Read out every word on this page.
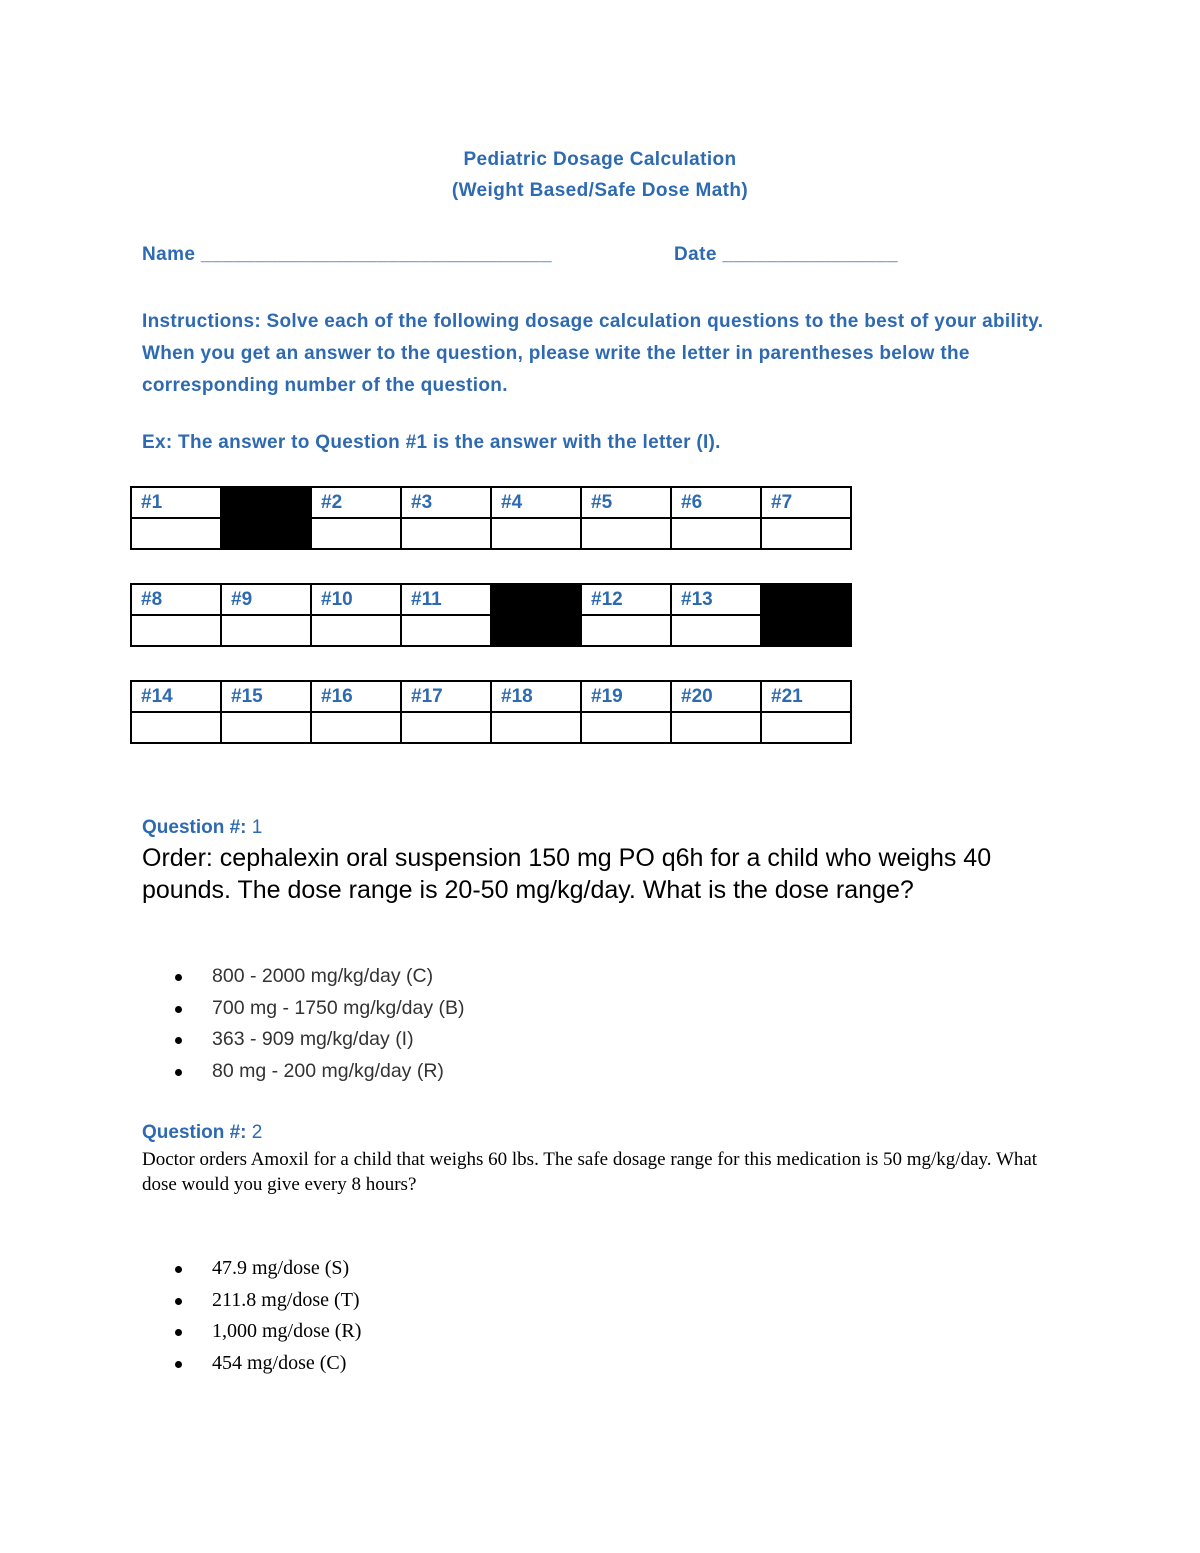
Pediatric Dosage Calculation
(Weight Based/Safe Dose Math)
Name ________________________________	Date ________________
Instructions: Solve each of the following dosage calculation questions to the best of your ability. When you get an answer to the question, please write the letter in parentheses below the corresponding number of the question.
Ex: The answer to Question #1 is the answer with the letter (I).
#1		#2	#3	#4	#5	#6	#7

#8	#9	#10	#11		#12	#13	

#14	#15	#16	#17	#18	#19	#20	#21

Question #: 1
Order: cephalexin oral suspension 150 mg PO q6h for a child who weighs 40 pounds. The dose range is 20-50 mg/kg/day. What is the dose range?
800 - 2000 mg/kg/day (C)
700 mg - 1750 mg/kg/day (B)
363 - 909 mg/kg/day (I)
80 mg - 200 mg/kg/day (R)
Question #: 2
Doctor orders Amoxil for a child that weighs 60 lbs. The safe dosage range for this medication is 50 mg/kg/day. What dose would you give every 8 hours?
47.9 mg/dose (S)
211.8 mg/dose (T)
1,000 mg/dose (R)
454 mg/dose (C)
